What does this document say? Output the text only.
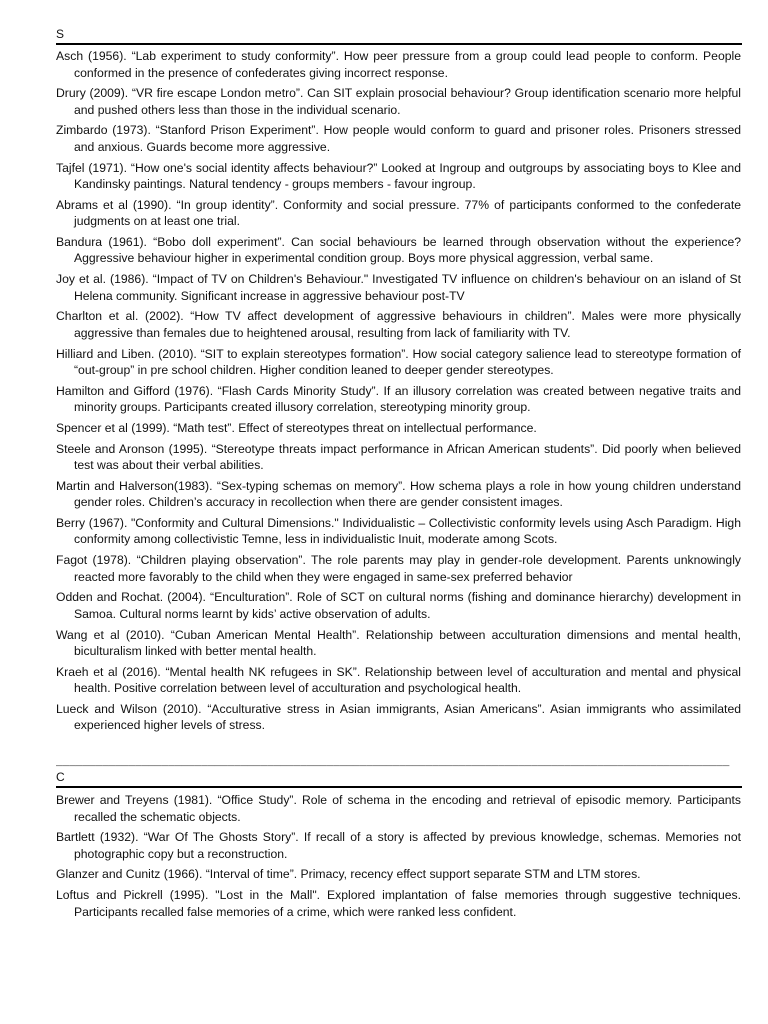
S

Asch (1956). “Lab experiment to study conformity”. How peer pressure from a group could lead people to conform. People conformed in the presence of confederates giving incorrect response.

Drury (2009). “VR fire escape London metro”. Can SIT explain prosocial behaviour? Group identification scenario more helpful and pushed others less than those in the individual scenario.

Zimbardo (1973). “Stanford Prison Experiment”. How people would conform to guard and prisoner roles. Prisoners stressed and anxious. Guards become more aggressive.

Tajfel (1971). “How one's social identity affects behaviour?” Looked at Ingroup and outgroups by associating boys to Klee and Kandinsky paintings. Natural tendency - groups members - favour ingroup.

Abrams et al (1990). “In group identity”. Conformity and social pressure. 77% of participants conformed to the confederate judgments on at least one trial.

Bandura (1961). “Bobo doll experiment”. Can social behaviours be learned through observation without the experience? Aggressive behaviour higher in experimental condition group. Boys more physical aggression, verbal same.

Joy et al. (1986). “Impact of TV on Children's Behaviour." Investigated TV influence on children's behaviour on an island of St Helena community. Significant increase in aggressive behaviour post-TV

Charlton et al. (2002). “How TV affect development of aggressive behaviours in children”. Males were more physically aggressive than females due to heightened arousal, resulting from lack of familiarity with TV.

Hilliard and Liben. (2010). “SIT to explain stereotypes formation”. How social category salience lead to stereotype formation of “out-group” in pre school children. Higher condition leaned to deeper gender stereotypes.

Hamilton and Gifford (1976). “Flash Cards Minority Study”. If an illusory correlation was created between negative traits and minority groups. Participants created illusory correlation, stereotyping minority group.

Spencer et al (1999). “Math test”. Effect of stereotypes threat on intellectual performance.

Steele and Aronson (1995). “Stereotype threats impact performance in African American students”. Did poorly when believed test was about their verbal abilities.

Martin and Halverson(1983). “Sex-typing schemas on memory”. How schema plays a role in how young children understand gender roles. Children’s accuracy in recollection when there are gender consistent images.

Berry (1967). "Conformity and Cultural Dimensions." Individualistic – Collectivistic conformity levels using Asch Paradigm. High conformity among collectivistic Temne, less in individualistic Inuit, moderate among Scots.

Fagot (1978). “Children playing observation”. The role parents may play in gender-role development. Parents unknowingly reacted more favorably to the child when they were engaged in same-sex preferred behavior

Odden and Rochat. (2004). “Enculturation”. Role of SCT on cultural norms (fishing and dominance hierarchy) development in Samoa. Cultural norms learnt by kids’ active observation of adults.

Wang et al (2010). “Cuban American Mental Health”. Relationship between acculturation dimensions and mental health, biculturalism linked with better mental health.

Kraeh et al (2016). “Mental health NK refugees in SK”. Relationship between level of acculturation and mental and physical health. Positive correlation between level of acculturation and psychological health.

Lueck and Wilson (2010). “Acculturative stress in Asian immigrants, Asian Americans”. Asian immigrants who assimilated experienced higher levels of stress.

______________________________________________________________________________________________________
C

Brewer and Treyens (1981). “Office Study”. Role of schema in the encoding and retrieval of episodic memory. Participants recalled the schematic objects.

Bartlett (1932). “War Of The Ghosts Story”. If recall of a story is affected by previous knowledge, schemas. Memories not photographic copy but a reconstruction.

Glanzer and Cunitz (1966). “Interval of time”. Primacy, recency effect support separate STM and LTM stores.

Loftus and Pickrell (1995). "Lost in the Mall". Explored implantation of false memories through suggestive techniques. Participants recalled false memories of a crime, which were ranked less confident.
